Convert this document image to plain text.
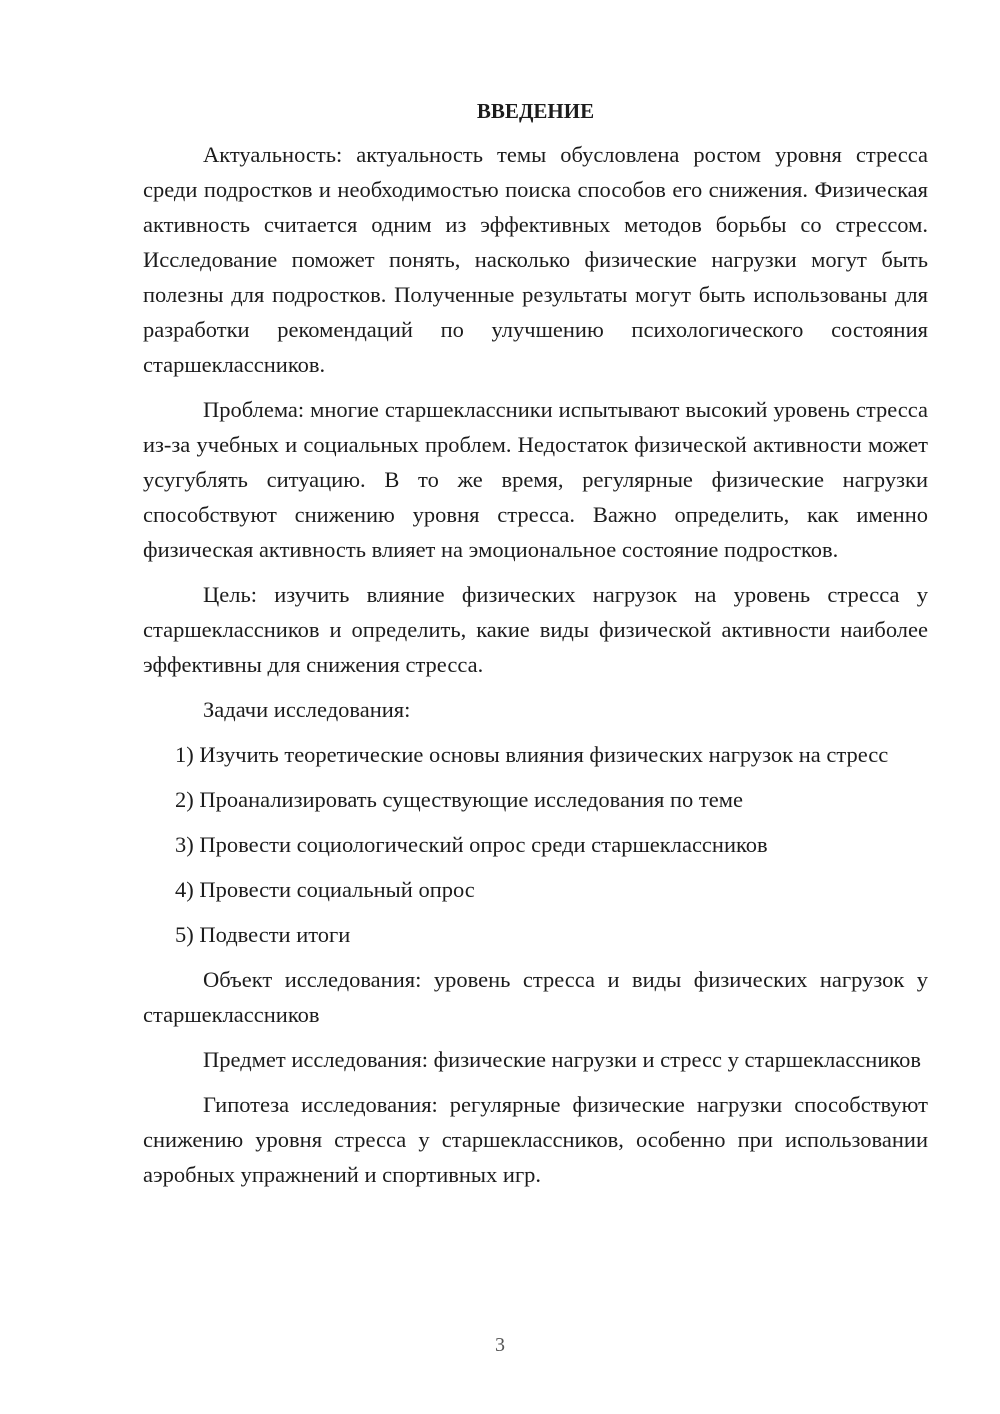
ВВЕДЕНИЕ

Актуальность: актуальность темы обусловлена ростом уровня стресса среди подростков и необходимостью поиска способов его снижения. Физическая активность считается одним из эффективных методов борьбы со стрессом. Исследование поможет понять, насколько физические нагрузки могут быть полезны для подростков. Полученные результаты могут быть использованы для разработки рекомендаций по улучшению психологического состояния старшеклассников.

Проблема: многие старшеклассники испытывают высокий уровень стресса из-за учебных и социальных проблем. Недостаток физической активности может усугублять ситуацию. В то же время, регулярные физические нагрузки способствуют снижению уровня стресса. Важно определить, как именно физическая активность влияет на эмоциональное состояние подростков.

Цель: изучить влияние физических нагрузок на уровень стресса у старшеклассников и определить, какие виды физической активности наиболее эффективны для снижения стресса.

Задачи исследования:

1) Изучить теоретические основы влияния физических нагрузок на стресс

2) Проанализировать существующие исследования по теме

3) Провести социологический опрос среди старшеклассников

4) Провести социальный опрос

5) Подвести итоги

Объект исследования: уровень стресса и виды физических нагрузок у старшеклассников

Предмет исследования: физические нагрузки и стресс у старшеклассников

Гипотеза исследования: регулярные физические нагрузки способствуют снижению уровня стресса у старшеклассников, особенно при использовании аэробных упражнений и спортивных игр.

3
